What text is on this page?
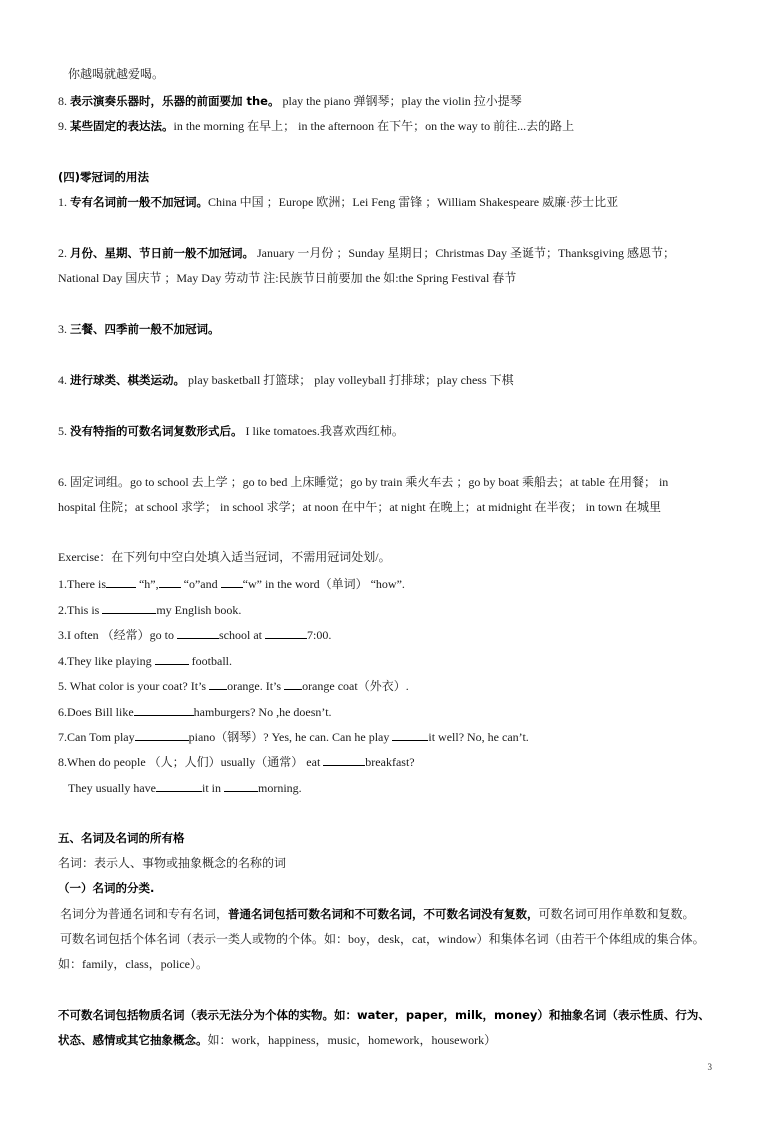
你越喝就越爱喝。
8. 表示演奏乐器时，乐器的前面要加 the。 play the piano 弹钢琴；play the violin 拉小提琴
9. 某些固定的表达法。in the morning 在早上； in the afternoon 在下午；on the way to 前往...去的路上
(四)零冠词的用法
1. 专有名词前一般不加冠词。China 中国 ；Europe 欧洲；Lei Feng 雷锋 ；William Shakespeare 威廉·莎士比亚
2. 月份、星期、节日前一般不加冠词。 January 一月份 ；Sunday 星期日；Christmas Day 圣诞节；Thanksgiving 感恩节；
National Day 国庆节 ；May Day 劳动节 注:民族节日前要加 the 如:the Spring Festival 春节
3. 三餐、四季前一般不加冠词。
4. 进行球类、棋类运动。 play basketball 打篮球； play volleyball 打排球；play chess 下棋
5. 没有特指的可数名词复数形式后。 I like tomatoes.我喜欢西红柿。
6. 固定词组。go to school 去上学 ；go to bed 上床睡觉；go by train 乘火车去 ；go by boat 乘船去；at table 在用餐； in
hospital 住院；at school 求学； in school 求学；at noon 在中午；at night 在晚上；at midnight 在半夜； in town 在城里
Exercise：在下列句中空白处填入适当冠词，不需用冠词处划/。
1.There is	“h”, “o”and “w” in the word（单词） “how”.
2.This is	my English book.
3.I often （经常）go to	school at	7:00.
4.They like playing	football.
5. What color is your coat? It’s orange. It’s orange coat（外衣）.
6.Does Bill like	hamburgers? No ,he doesn’t.
7.Can Tom play	piano（钢琴）? Yes, he can. Can he play	it well? No, he can’t.
8.When do people （人；人们）usually（通常） eat	breakfast?
They usually have	it in	morning.
五、名词及名词的所有格
名词：表示人、事物或抽象概念的名称的词
（一）名词的分类.
名词分为普通名词和专有名词，普通名词包括可数名词和不可数名词，不可数名词没有复数，可数名词可用作单数和复数。
可数名词包括个体名词（表示一类人或物的个体。如：boy，desk，cat，window）和集体名词（由若干个体组成的集合体。
如：family，class，police）。
不可数名词包括物质名词（表示无法分为个体的实物。如：water，paper，milk，money）和抽象名词（表示性质、行为、
状态、感情或其它抽象概念。如：work，happiness，music，homework，housework）
3
